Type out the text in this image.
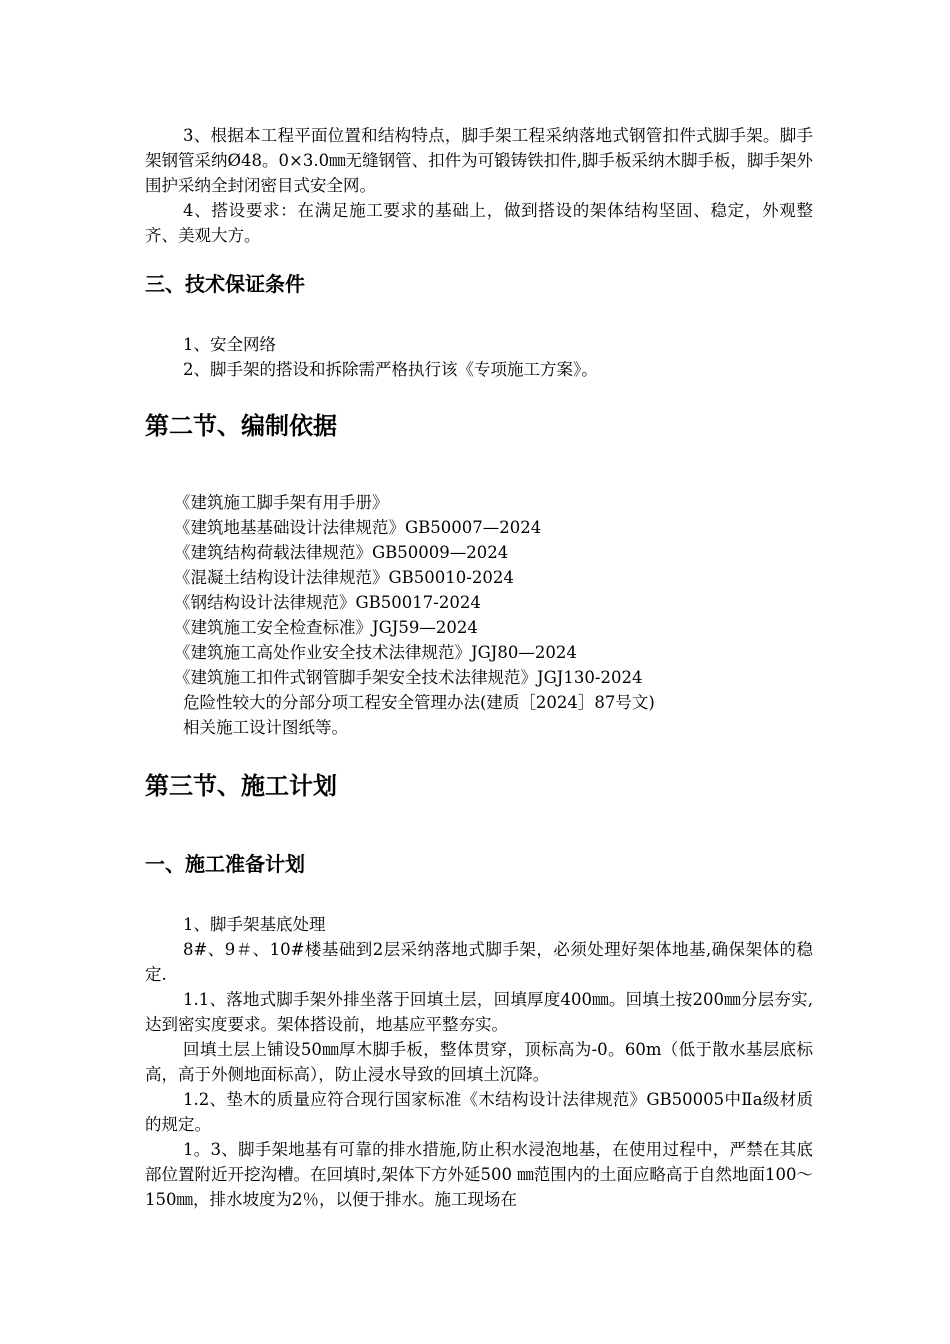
3、根据本工程平面位置和结构特点，脚手架工程采纳落地式钢管扣件式脚手架。脚手架钢管采纳Ø48。0×3.0㎜无缝钢管、扣件为可锻铸铁扣件,脚手板采纳木脚手板，脚手架外围护采纳全封闭密目式安全网。

4、搭设要求：在满足施工要求的基础上，做到搭设的架体结构坚固、稳定，外观整齐、美观大方。

三、技术保证条件
1、安全网络
2、脚手架的搭设和拆除需严格执行该《专项施工方案》。
第二节、编制依据
《建筑施工脚手架有用手册》
《建筑地基基础设计法律规范》GB50007—2024
《建筑结构荷载法律规范》GB50009—2024
《混凝土结构设计法律规范》GB50010-2024
《钢结构设计法律规范》GB50017-2024
《建筑施工安全检查标准》JGJ59—2024
《建筑施工高处作业安全技术法律规范》JGJ80—2024
《建筑施工扣件式钢管脚手架安全技术法律规范》JGJ130-2024
危险性较大的分部分项工程安全管理办法(建质［2024］87号文)
相关施工设计图纸等。
第三节、施工计划
一、施工准备计划
1、脚手架基底处理

8#、9＃、10#楼基础到2层采纳落地式脚手架，必须处理好架体地基,确保架体的稳定.

1.1、落地式脚手架外排坐落于回填土层，回填厚度400㎜。回填土按200㎜分层夯实,达到密实度要求。架体搭设前，地基应平整夯实。

回填土层上铺设50㎜厚木脚手板，整体贯穿，顶标高为-0。60m（低于散水基层底标高，高于外侧地面标高），防止浸水导致的回填土沉降。

1.2、垫木的质量应符合现行国家标准《木结构设计法律规范》GB50005中Ⅱa级材质的规定。

1。3、脚手架地基有可靠的排水措施,防止积水浸泡地基，在使用过程中，严禁在其底部位置附近开挖沟槽。在回填时,架体下方外延500 ㎜范围内的土面应略高于自然地面100～150㎜，排水坡度为2％，以便于排水。施工现场在
